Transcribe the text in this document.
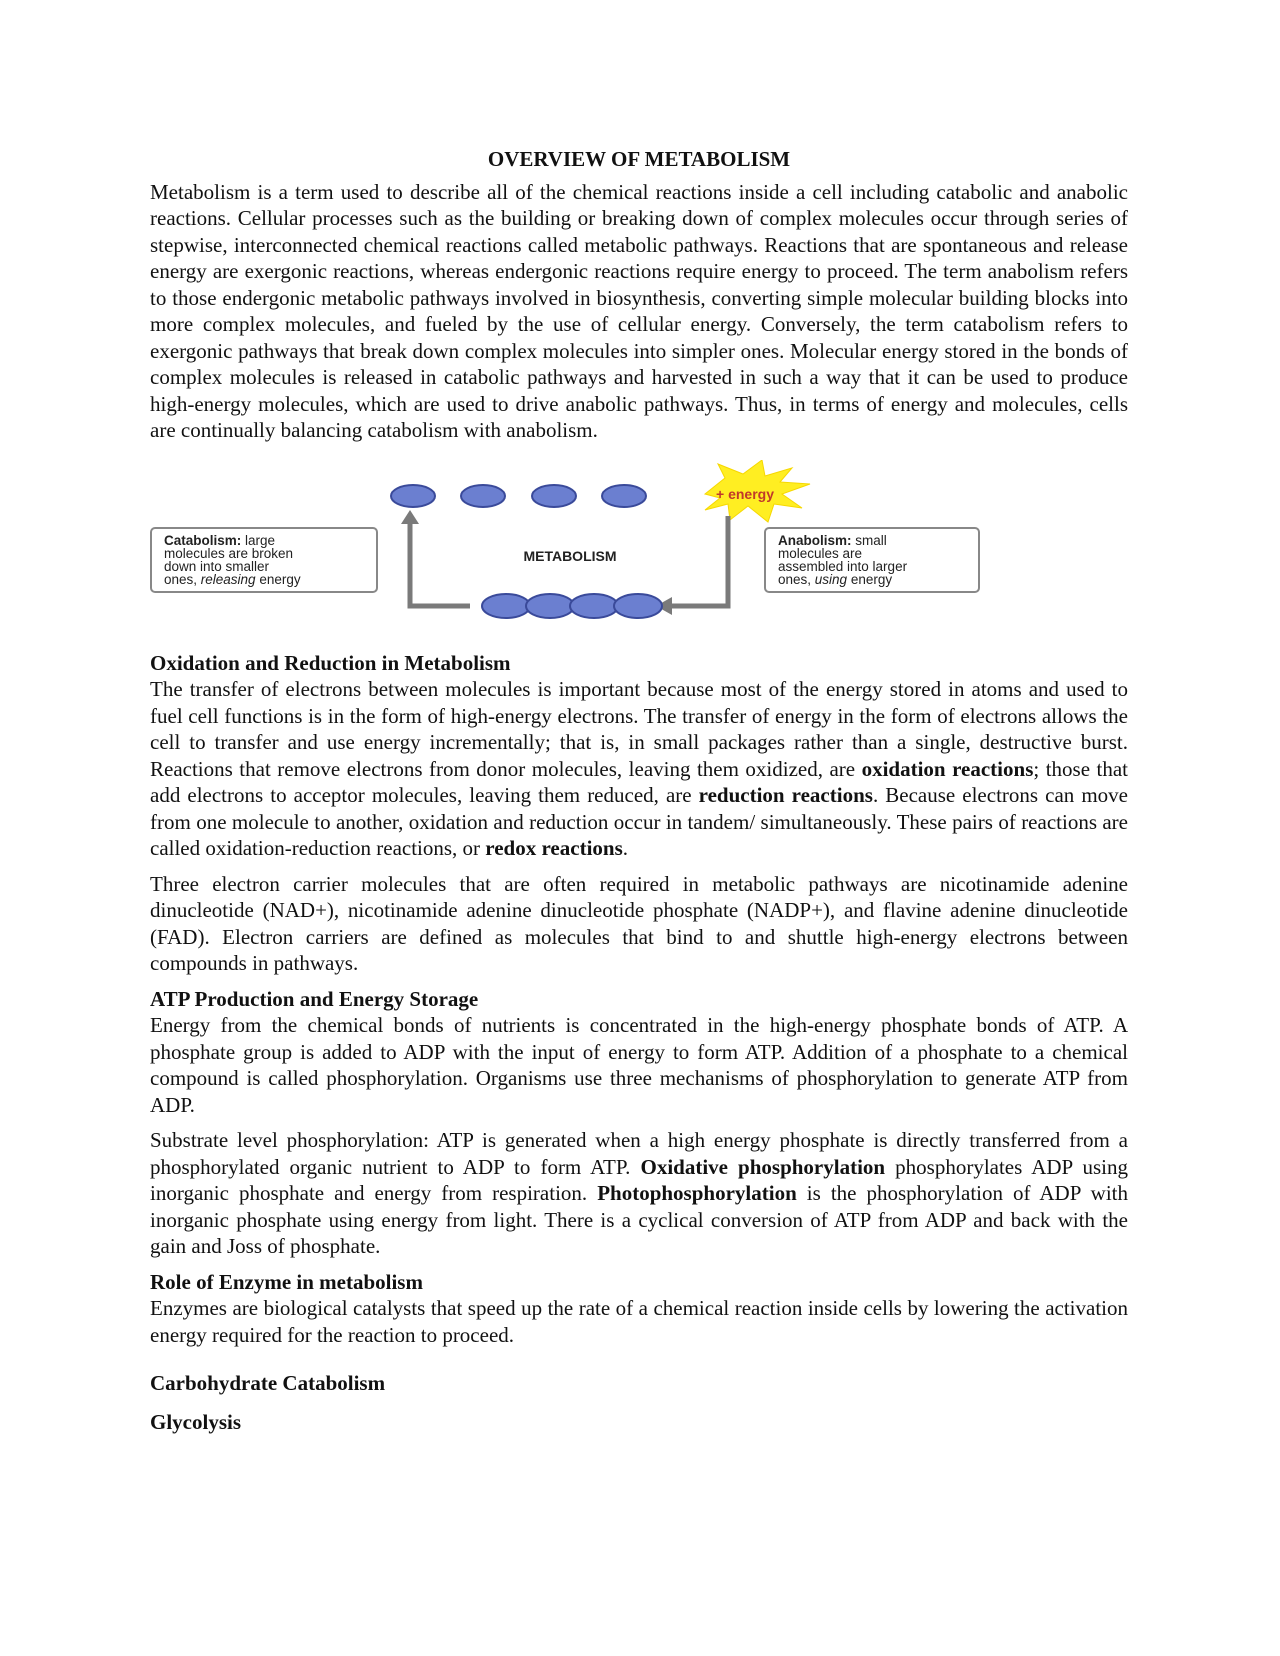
OVERVIEW OF METABOLISM

Metabolism is a term used to describe all of the chemical reactions inside a cell including catabolic and anabolic reactions. Cellular processes such as the building or breaking down of complex molecules occur through series of stepwise, interconnected chemical reactions called metabolic pathways. Reactions that are spontaneous and release energy are exergonic reactions, whereas endergonic reactions require energy to proceed. The term anabolism refers to those endergonic metabolic pathways involved in biosynthesis, converting simple molecular building blocks into more complex molecules, and fueled by the use of cellular energy. Conversely, the term catabolism refers to exergonic pathways that break down complex molecules into simpler ones. Molecular energy stored in the bonds of complex molecules is released in catabolic pathways and harvested in such a way that it can be used to produce high-energy molecules, which are used to drive anabolic pathways. Thus, in terms of energy and molecules, cells are continually balancing catabolism with anabolism.

+ energy
METABOLISM
Catabolism: large molecules are broken down into smaller ones, releasing energy
Anabolism: small molecules are assembled into larger ones, using energy
Oxidation and Reduction in Metabolism

The transfer of electrons between molecules is important because most of the energy stored in atoms and used to fuel cell functions is in the form of high-energy electrons. The transfer of energy in the form of electrons allows the cell to transfer and use energy incrementally; that is, in small packages rather than a single, destructive burst. Reactions that remove electrons from donor molecules, leaving them oxidized, are oxidation reactions; those that add electrons to acceptor molecules, leaving them reduced, are reduction reactions. Because electrons can move from one molecule to another, oxidation and reduction occur in tandem/ simultaneously. These pairs of reactions are called oxidation-reduction reactions, or redox reactions.

Three electron carrier molecules that are often required in metabolic pathways are nicotinamide adenine dinucleotide (NAD+), nicotinamide adenine dinucleotide phosphate (NADP+), and flavine adenine dinucleotide (FAD). Electron carriers are defined as molecules that bind to and shuttle high-energy electrons between compounds in pathways.

ATP Production and Energy Storage

Energy from the chemical bonds of nutrients is concentrated in the high-energy phosphate bonds of ATP. A phosphate group is added to ADP with the input of energy to form ATP. Addition of a phosphate to a chemical compound is called phosphorylation. Organisms use three mechanisms of phosphorylation to generate ATP from ADP.

Substrate level phosphorylation: ATP is generated when a high energy phosphate is directly transferred from a phosphorylated organic nutrient to ADP to form ATP. Oxidative phosphorylation phosphorylates ADP using inorganic phosphate and energy from respiration. Photophosphorylation is the phosphorylation of ADP with inorganic phosphate using energy from light. There is a cyclical conversion of ATP from ADP and back with the gain and Joss of phosphate.

Role of Enzyme in metabolism

Enzymes are biological catalysts that speed up the rate of a chemical reaction inside cells by lowering the activation energy required for the reaction to proceed.

Carbohydrate Catabolism
Glycolysis
